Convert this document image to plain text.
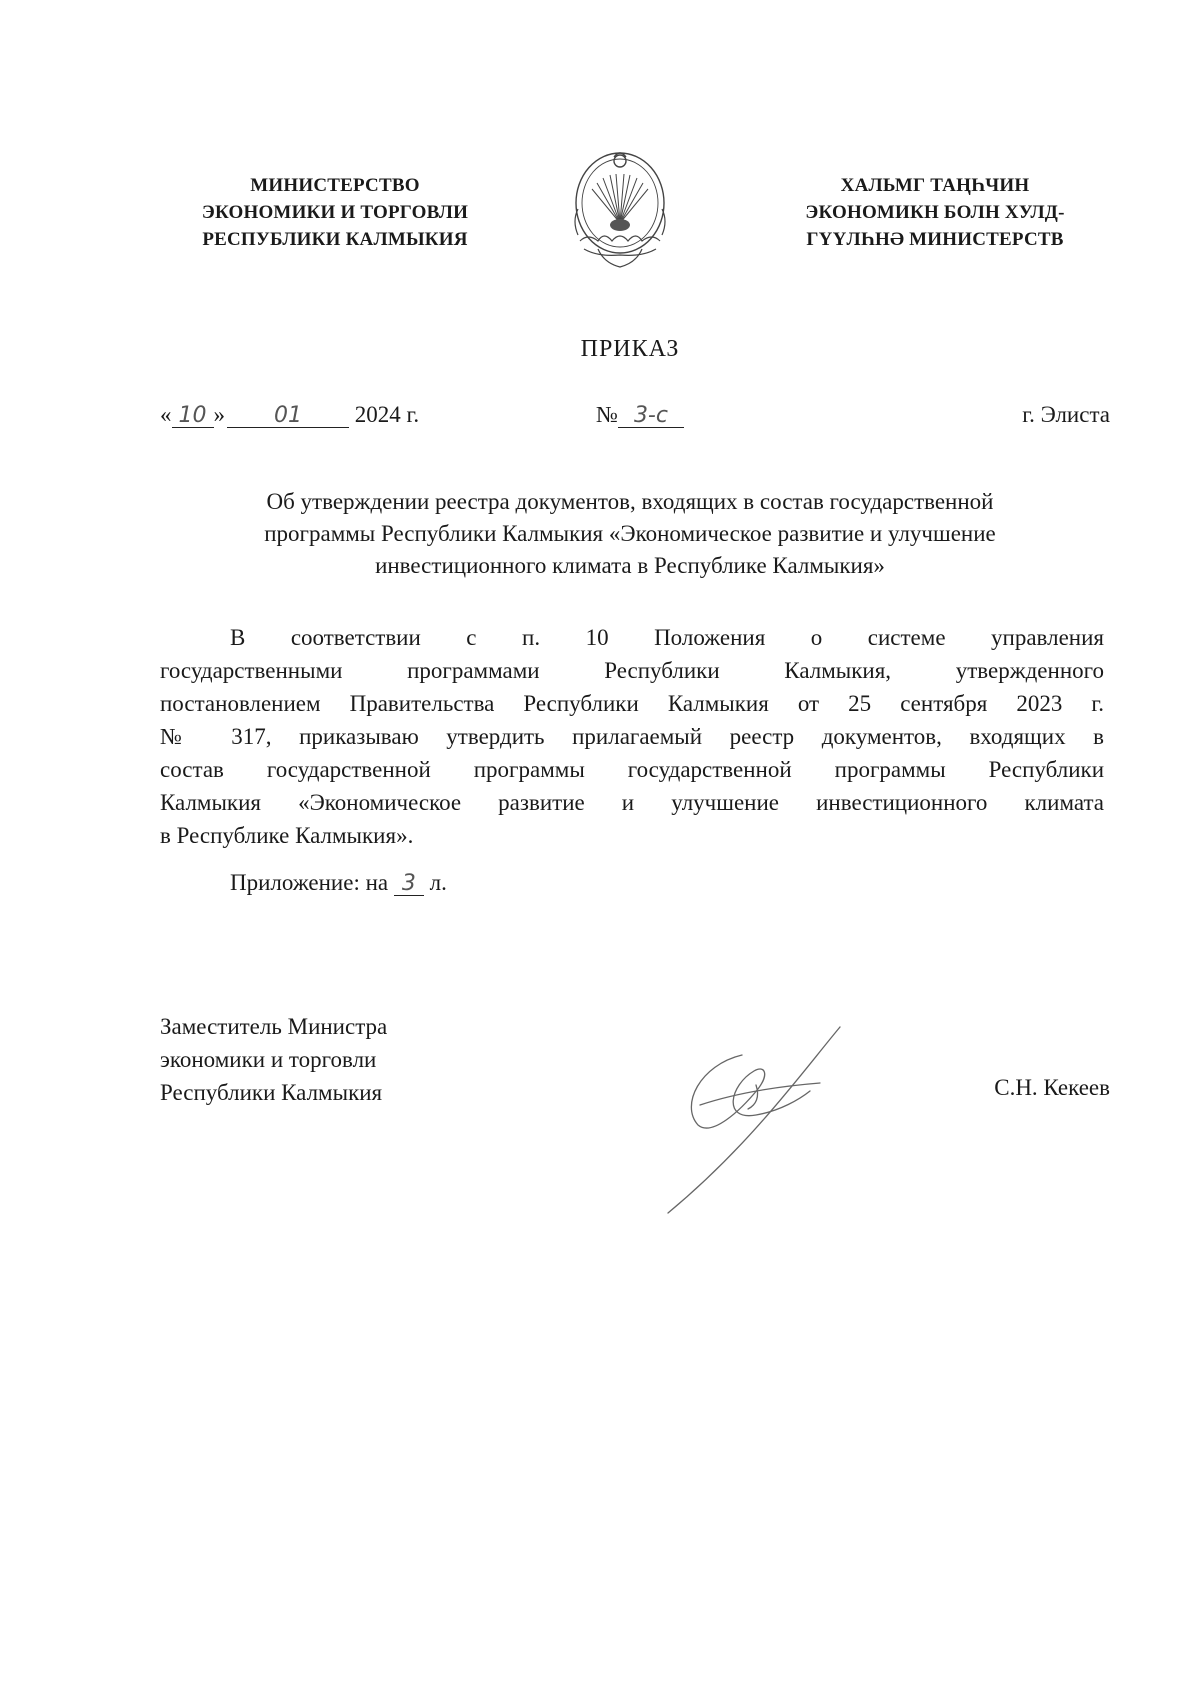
МИНИСТЕРСТВО
ЭКОНОМИКИ И ТОРГОВЛИ
РЕСПУБЛИКИ КАЛМЫКИЯ
ХАЛЬМГ ТАҢҺЧИН
ЭКОНОМИКН БОЛН ХУЛД-
ГҮҮЛҺНӘ МИНИСТЕРСТВ
ПРИКАЗ
« 10 » 01 2024 г.	№ 3-с	г. Элиста
Об утверждении реестра документов, входящих в состав государственной
программы Республики Калмыкия «Экономическое развитие и улучшение
инвестиционного климата в Республике Калмыкия»
В соответствии с п. 10 Положения о системе управления
государственными программами Республики Калмыкия, утвержденного
постановлением Правительства Республики Калмыкия от 25 сентября 2023 г.
№ 317, приказываю утвердить прилагаемый реестр документов, входящих в
состав государственной программы государственной программы Республики
Калмыкия «Экономическое развитие и улучшение инвестиционного климата
в Республике Калмыкия».
Приложение: на 3 л.
Заместитель Министра
экономики и торговли
Республики Калмыкия	С.Н. Кекеев
